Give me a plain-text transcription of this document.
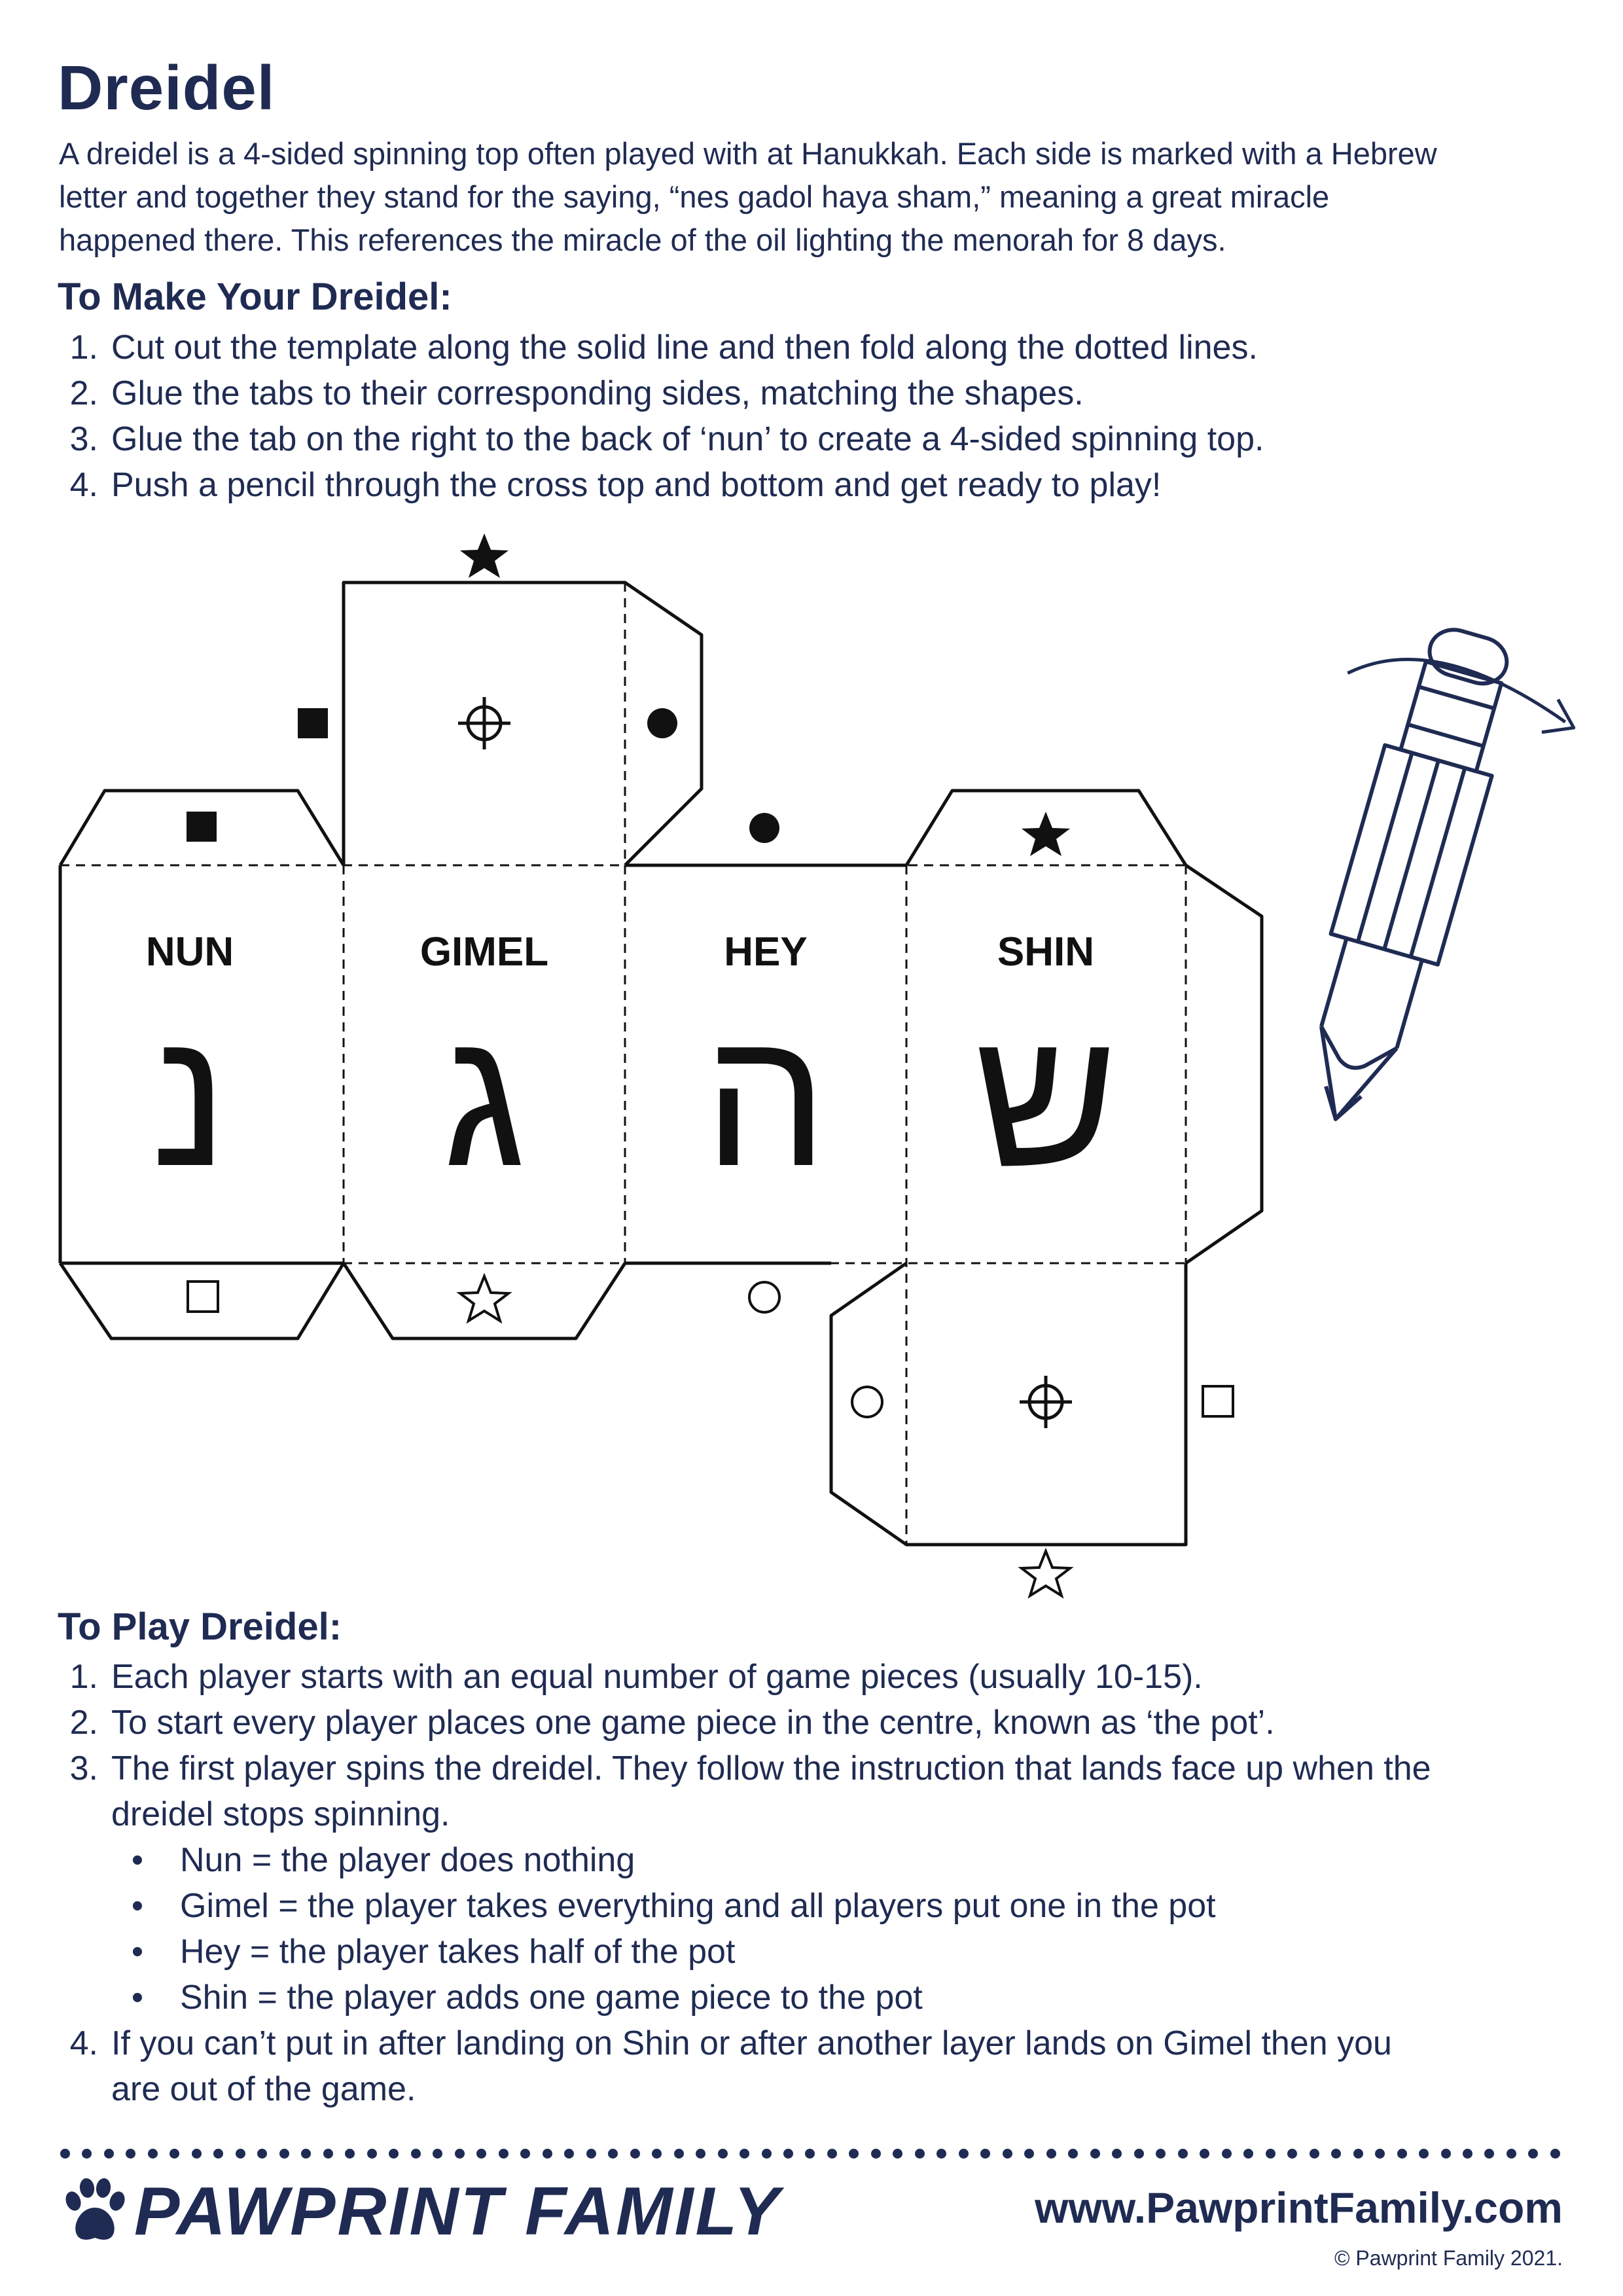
Dreidel
A dreidel is a 4-sided spinning top often played with at Hanukkah. Each side is marked with a Hebrew
letter and together they stand for the saying, “nes gadol haya sham,” meaning a great miracle
happened there. This references the miracle of the oil lighting the menorah for 8 days.
To Make Your Dreidel:
1. Cut out the template along the solid line and then fold along the dotted lines.
2. Glue the tabs to their corresponding sides, matching the shapes.
3. Glue the tab on the right to the back of ‘nun’ to create a 4-sided spinning top.
4. Push a pencil through the cross top and bottom and get ready to play!
NUN	GIMEL	HEY	SHIN
נ ג ה ש
To Play Dreidel:
1. Each player starts with an equal number of game pieces (usually 10-15).
2. To start every player places one game piece in the centre, known as ‘the pot’.
3. The first player spins the dreidel. They follow the instruction that lands face up when the
dreidel stops spinning.
• Nun = the player does nothing
• Gimel = the player takes everything and all players put one in the pot
• Hey = the player takes half of the pot
• Shin = the player adds one game piece to the pot
4. If you can’t put in after landing on Shin or after another layer lands on Gimel then you
are out of the game.
PAWPRINT FAMILY	www.PawprintFamily.com
© Pawprint Family 2021.
